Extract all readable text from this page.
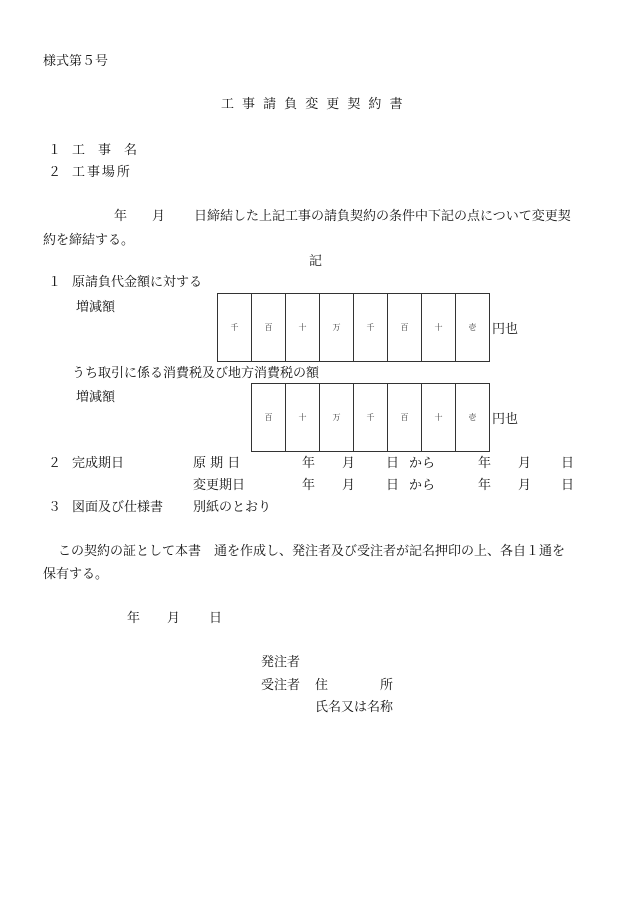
様式第５号
工事請負変更契約書
１ 工　事　名
２ 工事場所
年 月 日締結した上記工事の請負契約の条件中下記の点について変更契
約を締結する。
記
１ 原請負代金額に対する
増減額
千	百	十	万	千	百	十	壱	円也
うち取引に係る消費税及び地方消費税の額
増減額
百	十	万	千	百	十	壱	円也
２ 完成期日	原 期 日	年 月 日 から	年 月 日
変更期日	年 月 日 から	年 月 日
３ 図面及び仕様書 別紙のとおり
この契約の証として本書　通を作成し、発注者及び受注者が記名押印の上、各自１通を
保有する。
年 月 日
発注者
受注者 住　　　　所
氏名又は名称
